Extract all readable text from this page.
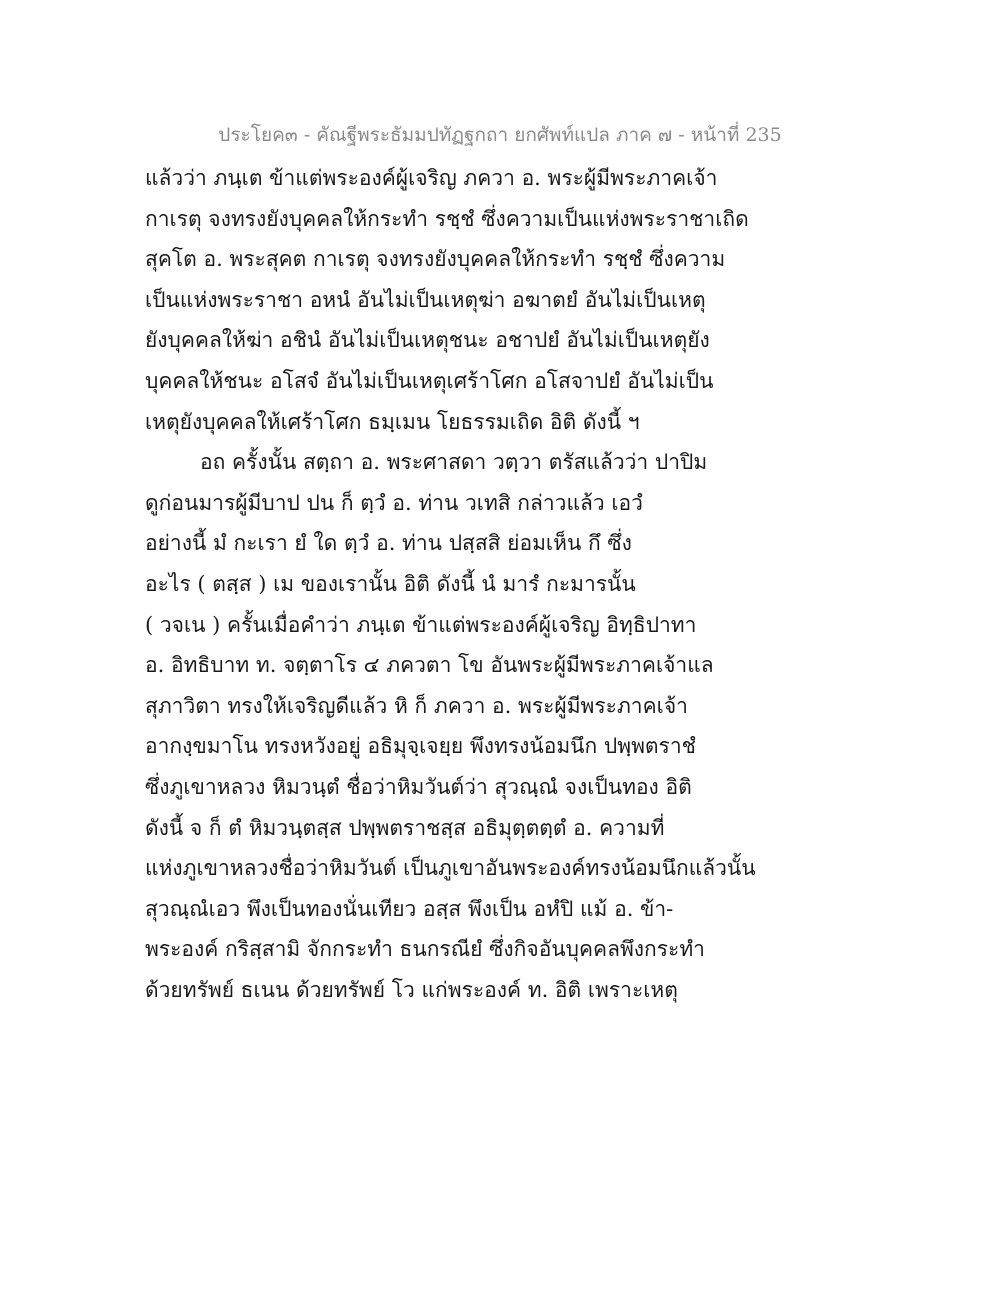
ประโยค๓ - คัณฐีพระธัมมปทัฏฐกถา ยกศัพท์แปล ภาค ๗ - หน้าที่ 235
แล้วว่า ภนฺเต ข้าแต่พระองค์ผู้เจริญ ภควา อ. พระผู้มีพระภาคเจ้า
กาเรตุ จงทรงยังบุคคลให้กระทำ รชฺชํ ซึ่งความเป็นแห่งพระราชาเถิด
สุคโต อ. พระสุคต กาเรตุ จงทรงยังบุคคลให้กระทำ รชฺชํ ซึ่งความ
เป็นแห่งพระราชา อหนํ อันไม่เป็นเหตุฆ่า อฆาตยํ อันไม่เป็นเหตุ
ยังบุคคลให้ฆ่า อชินํ อันไม่เป็นเหตุชนะ อชาปยํ อันไม่เป็นเหตุยัง
บุคคลให้ชนะ อโสจํ อันไม่เป็นเหตุเศร้าโศก อโสจาปยํ อันไม่เป็น
เหตุยังบุคคลให้เศร้าโศก ธมฺเมน โยธรรมเถิด อิติ ดังนี้ ฯ
อถ ครั้งนั้น สตฺถา อ. พระศาสดา วตฺวา ตรัสแล้วว่า ปาปิม
ดูก่อนมารผู้มีบาป ปน ก็ ตฺวํ อ. ท่าน วเทสิ กล่าวแล้ว เอวํ
อย่างนี้ มํ กะเรา ยํ ใด ตฺวํ อ. ท่าน ปสฺสสิ ย่อมเห็น กึ ซึ่ง
อะไร ( ตสฺส ) เม ของเรานั้น อิติ ดังนี้ นํ มารํ กะมารนั้น
( วจเน ) ครั้นเมื่อคำว่า ภนฺเต ข้าแต่พระองค์ผู้เจริญ อิทฺธิปาทา
อ. อิทธิบาท ท. จตฺตาโร ๔ ภควตา โข อันพระผู้มีพระภาคเจ้าแล
สุภาวิตา ทรงให้เจริญดีแล้ว หิ ก็ ภควา อ. พระผู้มีพระภาคเจ้า
อากงฺขมาโน ทรงหวังอยู่ อธิมุจฺเจยฺย พึงทรงน้อมนึก ปพฺพตราชํ
ซึ่งภูเขาหลวง หิมวนฺตํ ชื่อว่าหิมวันต์ว่า สุวณฺณํ จงเป็นทอง อิติ
ดังนี้ จ ก็ ตํ หิมวนฺตสฺส ปพฺพตราชสฺส อธิมุตฺตตฺตํ อ. ความที่
แห่งภูเขาหลวงชื่อว่าหิมวันต์ เป็นภูเขาอันพระองค์ทรงน้อมนึกแล้วนั้น
สุวณฺณํเอว พึงเป็นทองนั่นเทียว อสฺส พึงเป็น อหํปิ แม้ อ. ข้า-
พระองค์ กริสฺสามิ จักกระทำ ธนกรณียํ ซึ่งกิจอันบุคคลพึงกระทำ
ด้วยทรัพย์ ธเนน ด้วยทรัพย์ โว แก่พระองค์ ท. อิติ เพราะเหตุ
